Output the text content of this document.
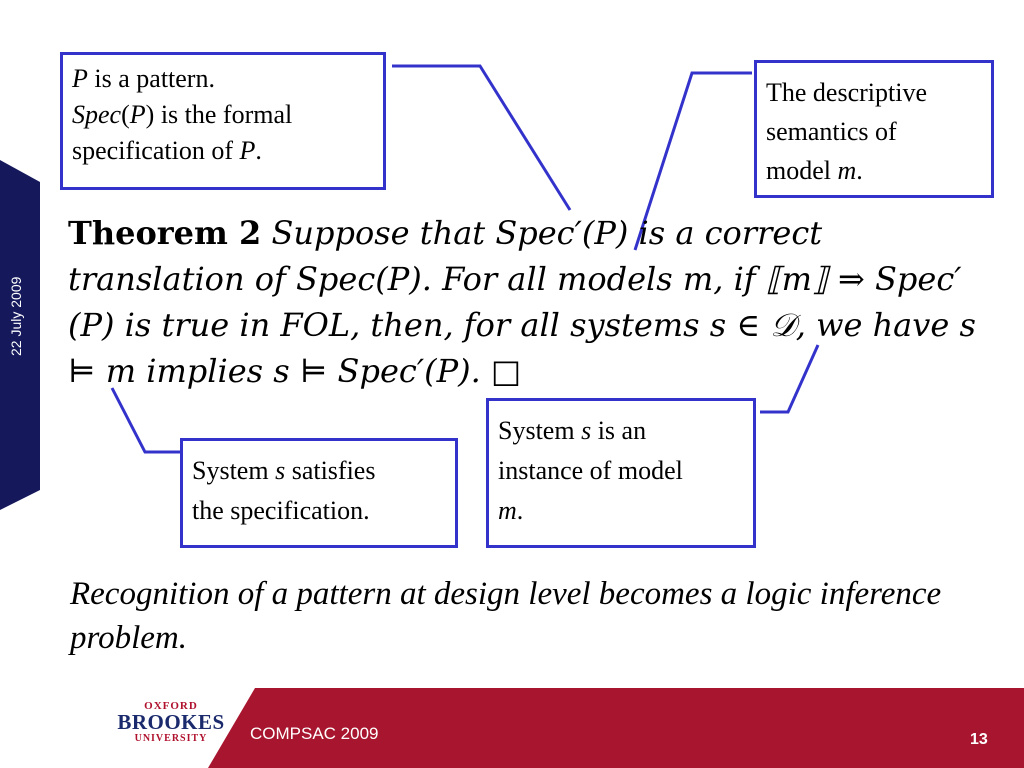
22 July 2009
P is a pattern.
Spec(P) is the formal
specification of P.
The descriptive
semantics of
model m.
Theorem 2 Suppose that Spec′(P) is a correct translation of Spec(P). For all models m, if ⟦m⟧ ⇒ Spec′(P) is true in FOL, then, for all systems s ∈ 𝒟, we have s ⊨ m implies s ⊨ Spec′(P). □
System s satisfies
the specification.
System s is an
instance of model
m.
Recognition of a pattern at design level becomes a logic inference problem.
OXFORD
BROOKES
UNIVERSITY	COMPSAC 2009	13
